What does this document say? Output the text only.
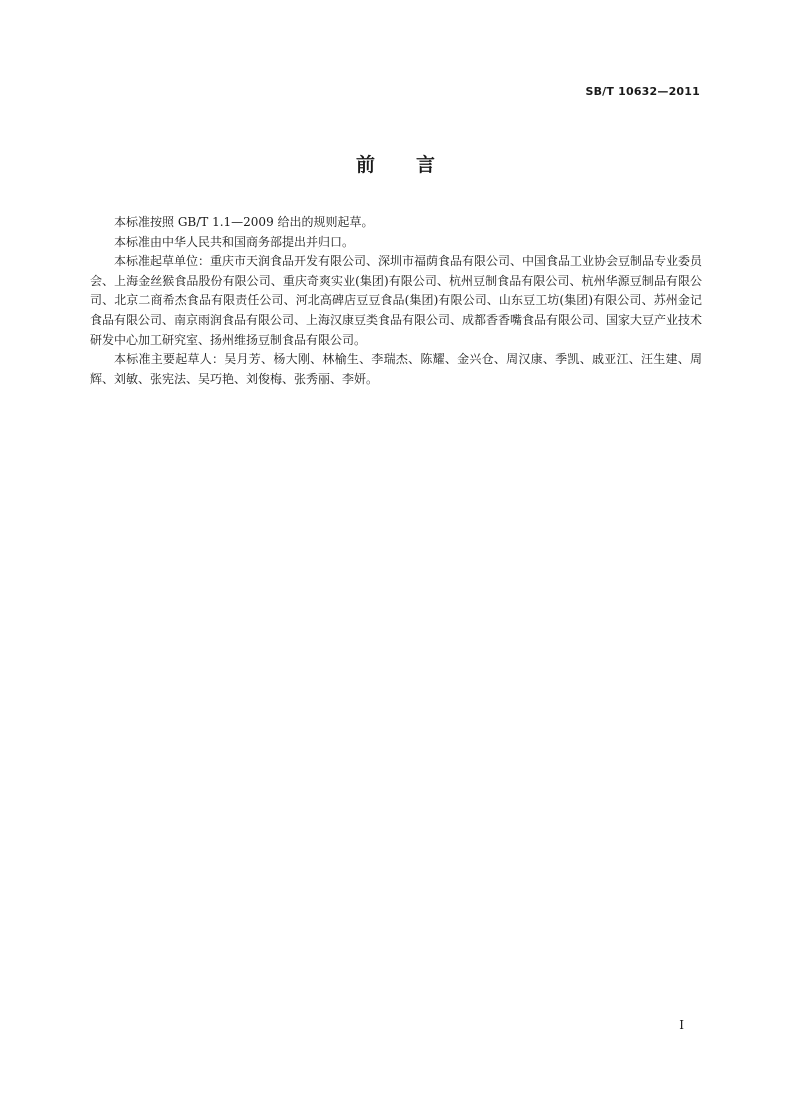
SB/T 10632—2011
前 言

本标准按照 GB/T 1.1—2009 给出的规则起草。

本标准由中华人民共和国商务部提出并归口。

本标准起草单位：重庆市天润食品开发有限公司、深圳市福荫食品有限公司、中国食品工业协会豆制品专业委员会、上海金丝猴食品股份有限公司、重庆奇爽实业(集团)有限公司、杭州豆制食品有限公司、杭州华源豆制品有限公司、北京二商希杰食品有限责任公司、河北高碑店豆豆食品(集团)有限公司、山东豆工坊(集团)有限公司、苏州金记食品有限公司、南京雨润食品有限公司、上海汉康豆类食品有限公司、成都香香嘴食品有限公司、国家大豆产业技术研发中心加工研究室、扬州维扬豆制食品有限公司。

本标准主要起草人：吴月芳、杨大刚、林榆生、李瑞杰、陈耀、金兴仓、周汉康、季凯、戚亚江、汪生建、周辉、刘敏、张宪法、吴巧艳、刘俊梅、张秀丽、李妍。

I
